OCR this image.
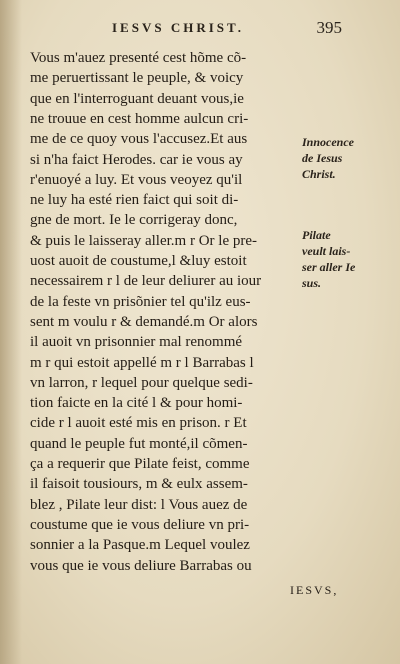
IESVS CHRIST.	395
Vous m'auez presenté cest hõme cõ-
me peruertissant le peuple, & voicy
que en l'interroguant deuant vous,ie
ne trouue en cest homme aulcun cri-
me de ce quoy vous l'accusez.Et aus
si n'ha faict Herodes. car ie vous ay
r'enuoyé a luy. Et vous veoyez qu'il
ne luy ha esté rien faict qui soit di-
gne de mort. Ie le corrigeray donc,
& puis le laisseray aller.m r Or le pre-
uost auoit de coustume,l &luy estoit
necessairem r l de leur deliurer au iour
de la feste vn prisõnier tel qu'ilz eus-
sent m voulu r & demandé.m Or alors
il auoit vn prisonnier mal renommé
m r qui estoit appellé m r l Barrabas l
vn larron, r lequel pour quelque sedi-
tion faicte en la cité l & pour homi-
cide r l auoit esté mis en prison. r Et
quand le peuple fut monté,il cõmen-
ça a requerir que Pilate feist, comme
il faisoit tousiours, m & eulx assem-
blez , Pilate leur dist: l Vous auez de
coustume que ie vous deliure vn pri-
sonnier a la Pasque.m Lequel voulez
vous que ie vous deliure Barrabas ou
Innocence
de Iesus
Christ.
Pilate
veult lais-
ser aller Ie
sus.
IESVS,
